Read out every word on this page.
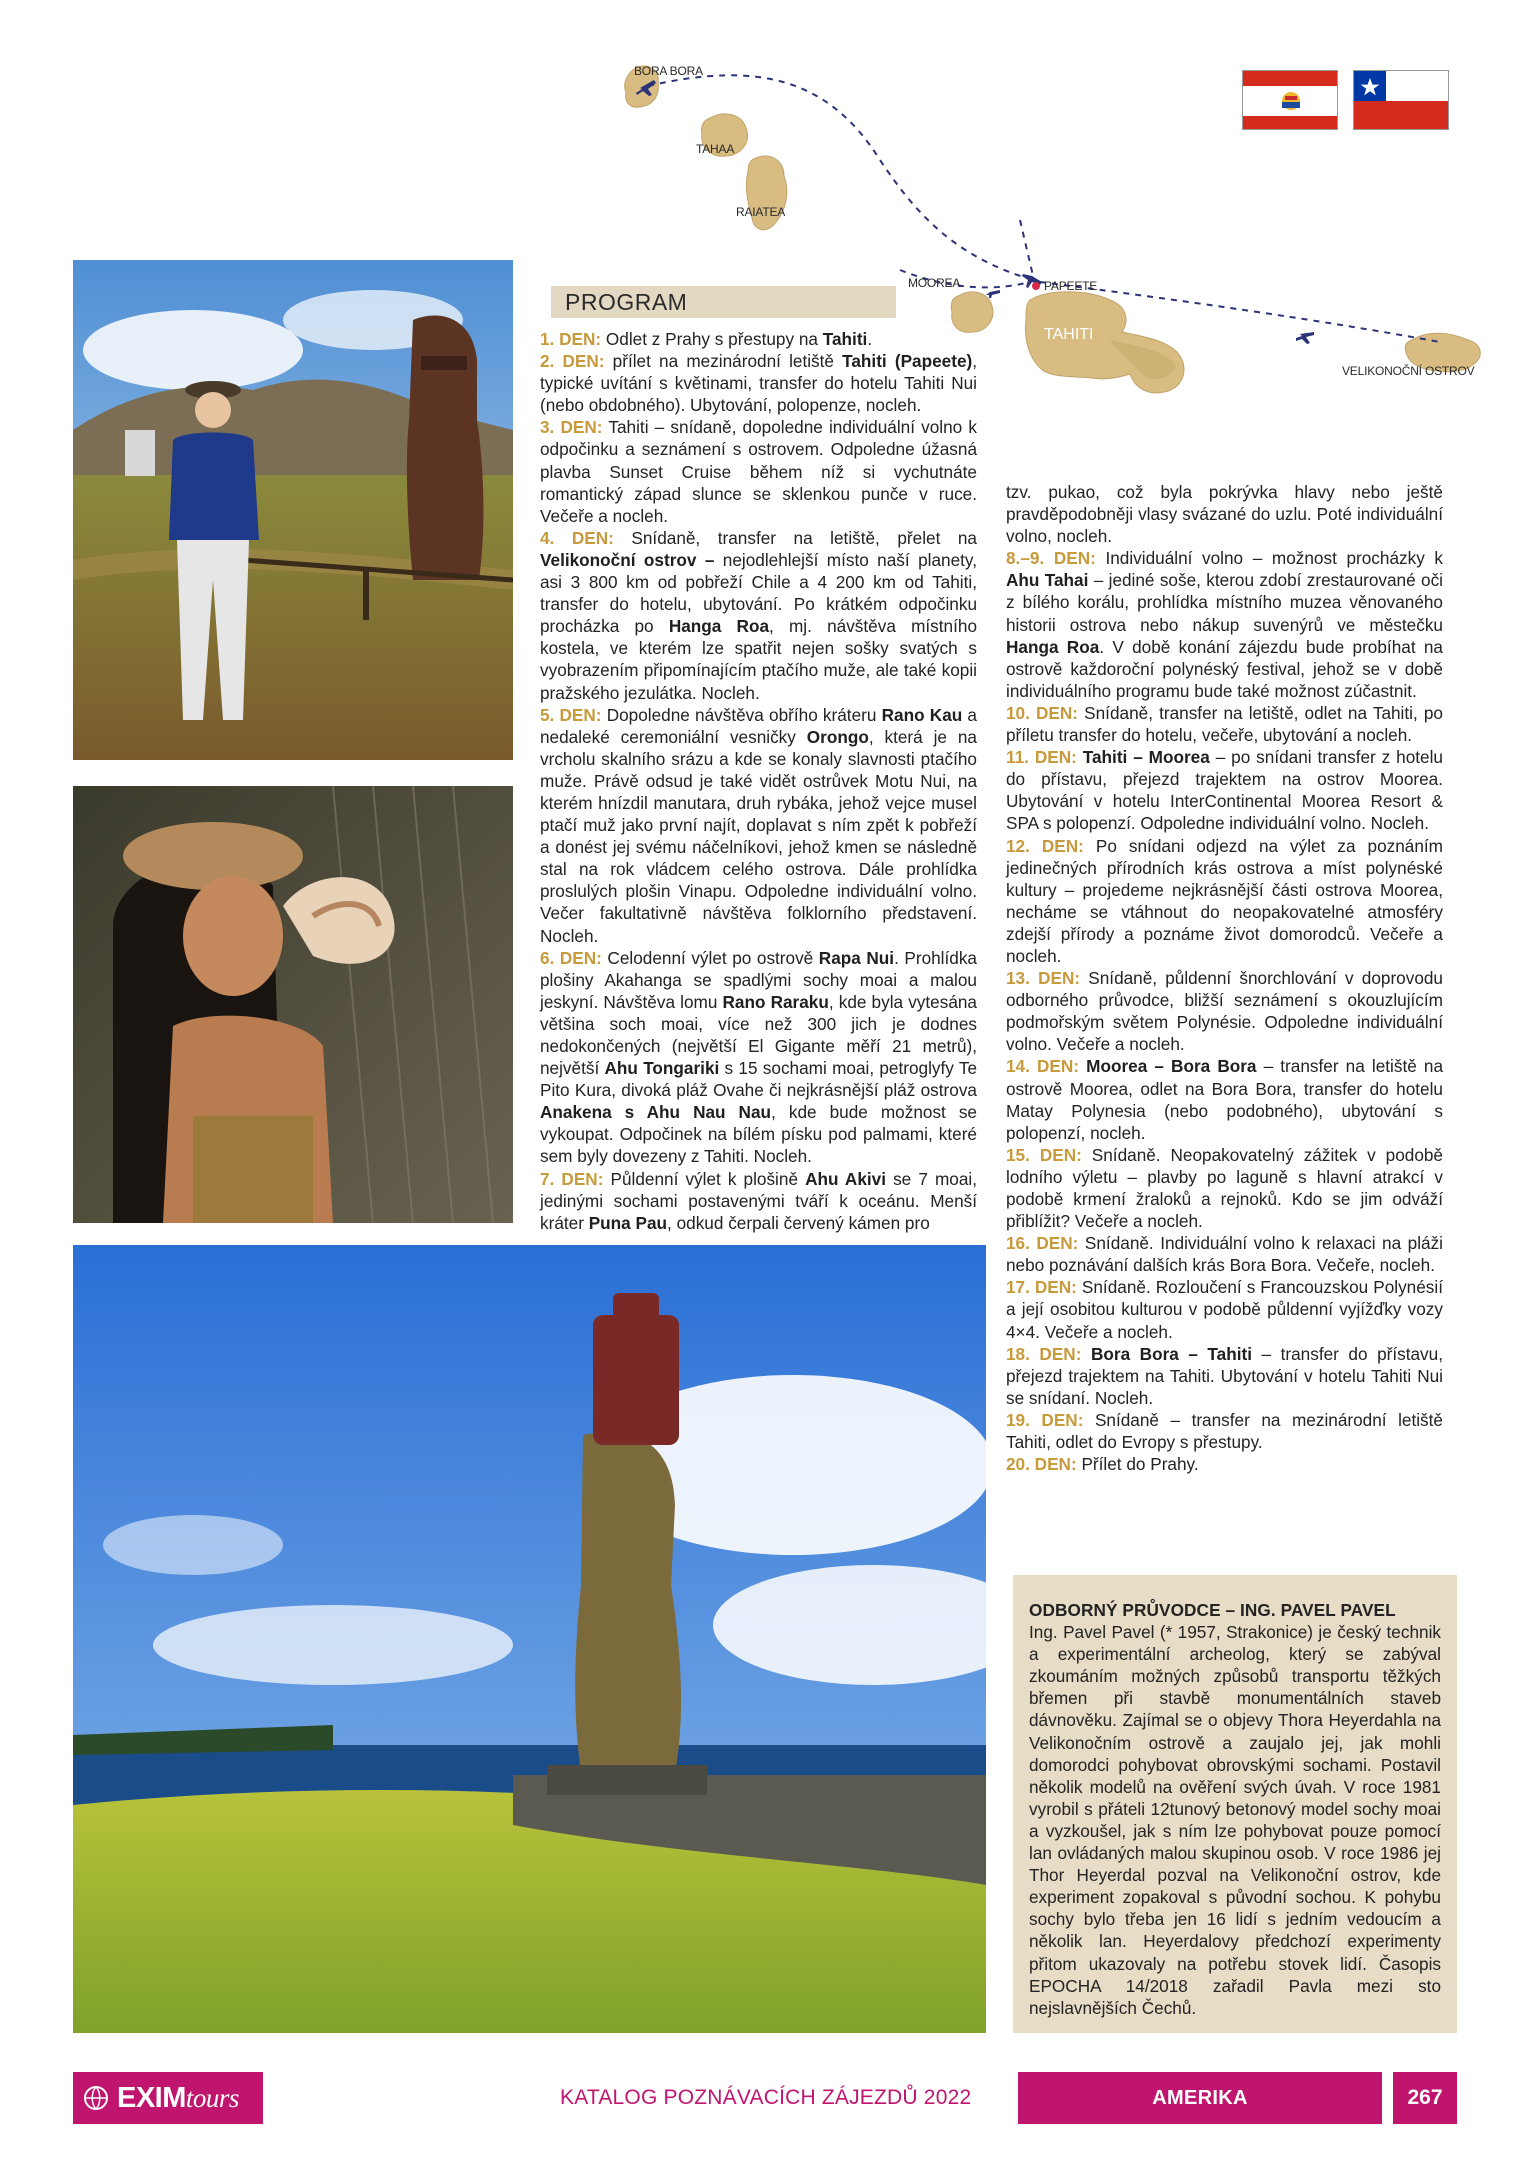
BORA BORA
TAHAA
RAIATEA
MOOREA	PAPEETE
TAHITI
VELIKONOČNÍ OSTROV
PROGRAM

1. DEN: Odlet z Prahy s přestupy na Tahiti.

2. DEN: přílet na mezinárodní letiště Tahiti (Papeete), typické uvítání s květinami, transfer do hotelu Tahiti Nui (nebo obdobného). Ubytování, polopenze, nocleh.

3. DEN: Tahiti – snídaně, dopoledne individuální volno k odpočinku a seznámení s ostrovem. Odpoledne úžasná plavba Sunset Cruise během níž si vychutnáte romantický západ slunce se sklenkou punče v ruce. Večeře a nocleh.

4. DEN: Snídaně, transfer na letiště, přelet na Velikonoční ostrov – nejodlehlejší místo naší planety, asi 3 800 km od pobřeží Chile a 4 200 km od Tahiti, transfer do hotelu, ubytování. Po krátkém odpočinku procházka po Hanga Roa, mj. návštěva místního kostela, ve kterém lze spatřit nejen sošky svatých s vyobrazením připomínajícím ptačího muže, ale také kopii pražského jezulátka. Nocleh.

5. DEN: Dopoledne návštěva obřího kráteru Rano Kau a nedaleké ceremoniální vesničky Orongo, která je na vrcholu skalního srázu a kde se konaly slavnosti ptačího muže. Právě odsud je také vidět ostrůvek Motu Nui, na kterém hnízdil manutara, druh rybáka, jehož vejce musel ptačí muž jako první najít, doplavat s ním zpět k pobřeží a donést jej svému náčelníkovi, jehož kmen se následně stal na rok vládcem celého ostrova. Dále prohlídka proslulých plošin Vinapu. Odpoledne individuální volno. Večer fakultativně návštěva folklorního představení. Nocleh.

6. DEN: Celodenní výlet po ostrově Rapa Nui. Prohlídka plošiny Akahanga se spadlými sochy moai a malou jeskyní. Návštěva lomu Rano Raraku, kde byla vytesána většina soch moai, více než 300 jich je dodnes nedokončených (největší El Gigante měří 21 metrů), největší Ahu Tongariki s 15 sochami moai, petroglyfy Te Pito Kura, divoká pláž Ovahe či nejkrásnější pláž ostrova Anakena s Ahu Nau Nau, kde bude možnost se vykoupat. Odpočinek na bílém písku pod palmami, které sem byly dovezeny z Tahiti. Nocleh.

7. DEN: Půldenní výlet k plošině Ahu Akivi se 7 moai, jedinými sochami postavenými tváří k oceánu. Menší kráter Puna Pau, odkud čerpali červený kámen pro

tzv. pukao, což byla pokrývka hlavy nebo ještě pravděpodobněji vlasy svázané do uzlu. Poté individuální volno, nocleh.

8.–9. DEN: Individuální volno – možnost procházky k Ahu Tahai – jediné soše, kterou zdobí zrestaurované oči z bílého korálu, prohlídka místního muzea věnovaného historii ostrova nebo nákup suvenýrů ve městečku Hanga Roa. V době konání zájezdu bude probíhat na ostrově každoroční polynéský festival, jehož se v době individuálního programu bude také možnost zúčastnit.

10. DEN: Snídaně, transfer na letiště, odlet na Tahiti, po příletu transfer do hotelu, večeře, ubytování a nocleh.

11. DEN: Tahiti – Moorea – po snídani transfer z hotelu do přístavu, přejezd trajektem na ostrov Moorea. Ubytování v hotelu InterContinental Moorea Resort & SPA s polopenzí. Odpoledne individuální volno. Nocleh.

12. DEN: Po snídani odjezd na výlet za poznáním jedinečných přírodních krás ostrova a míst polynéské kultury – projedeme nejkrásnější části ostrova Moorea, necháme se vtáhnout do neopakovatelné atmosféry zdejší přírody a poznáme život domorodců. Večeře a nocleh.

13. DEN: Snídaně, půldenní šnorchlování v doprovodu odborného průvodce, bližší seznámení s okouzlujícím podmořským světem Polynésie. Odpoledne individuální volno. Večeře a nocleh.

14. DEN: Moorea – Bora Bora – transfer na letiště na ostrově Moorea, odlet na Bora Bora, transfer do hotelu Matay Polynesia (nebo podobného), ubytování s polopenzí, nocleh.

15. DEN: Snídaně. Neopakovatelný zážitek v podobě lodního výletu – plavby po laguně s hlavní atrakcí v podobě krmení žraloků a rejnoků. Kdo se jim odváží přiblížit? Večeře a nocleh.

16. DEN: Snídaně. Individuální volno k relaxaci na pláži nebo poznávání dalších krás Bora Bora. Večeře, nocleh.

17. DEN: Snídaně. Rozloučení s Francouzskou Polynésií a její osobitou kulturou v podobě půldenní vyjížďky vozy 4×4. Večeře a nocleh.

18. DEN: Bora Bora – Tahiti – transfer do přístavu, přejezd trajektem na Tahiti. Ubytování v hotelu Tahiti Nui se snídaní. Nocleh.

19. DEN: Snídaně – transfer na mezinárodní letiště Tahiti, odlet do Evropy s přestupy.

20. DEN: Přílet do Prahy.

ODBORNÝ PRŮVODCE – ING. PAVEL PAVEL
Ing. Pavel Pavel (* 1957, Strakonice) je český technik a experimentální archeolog, který se zabýval zkoumáním možných způsobů transportu těžkých břemen při stavbě monumentálních staveb dávnověku. Zajímal se o objevy Thora Heyerdahla na Velikonočním ostrově a zaujalo jej, jak mohli domorodci pohybovat obrovskými sochami. Postavil několik modelů na ověření svých úvah. V roce 1981 vyrobil s přáteli 12tunový betonový model sochy moai a vyzkoušel, jak s ním lze pohybovat pouze pomocí lan ovládaných malou skupinou osob. V roce 1986 jej Thor Heyerdal pozval na Velikonoční ostrov, kde experiment zopakoval s původní sochou. K pohybu sochy bylo třeba jen 16 lidí s jedním vedoucím a několik lan. Heyerdalovy předchozí experimenty přitom ukazovaly na potřebu stovek lidí. Časopis EPOCHA 14/2018 zařadil Pavla mezi sto nejslavnějších Čechů.
EXIMtours	KATALOG POZNÁVACÍCH ZÁJEZDŮ 2022	AMERIKA	267
